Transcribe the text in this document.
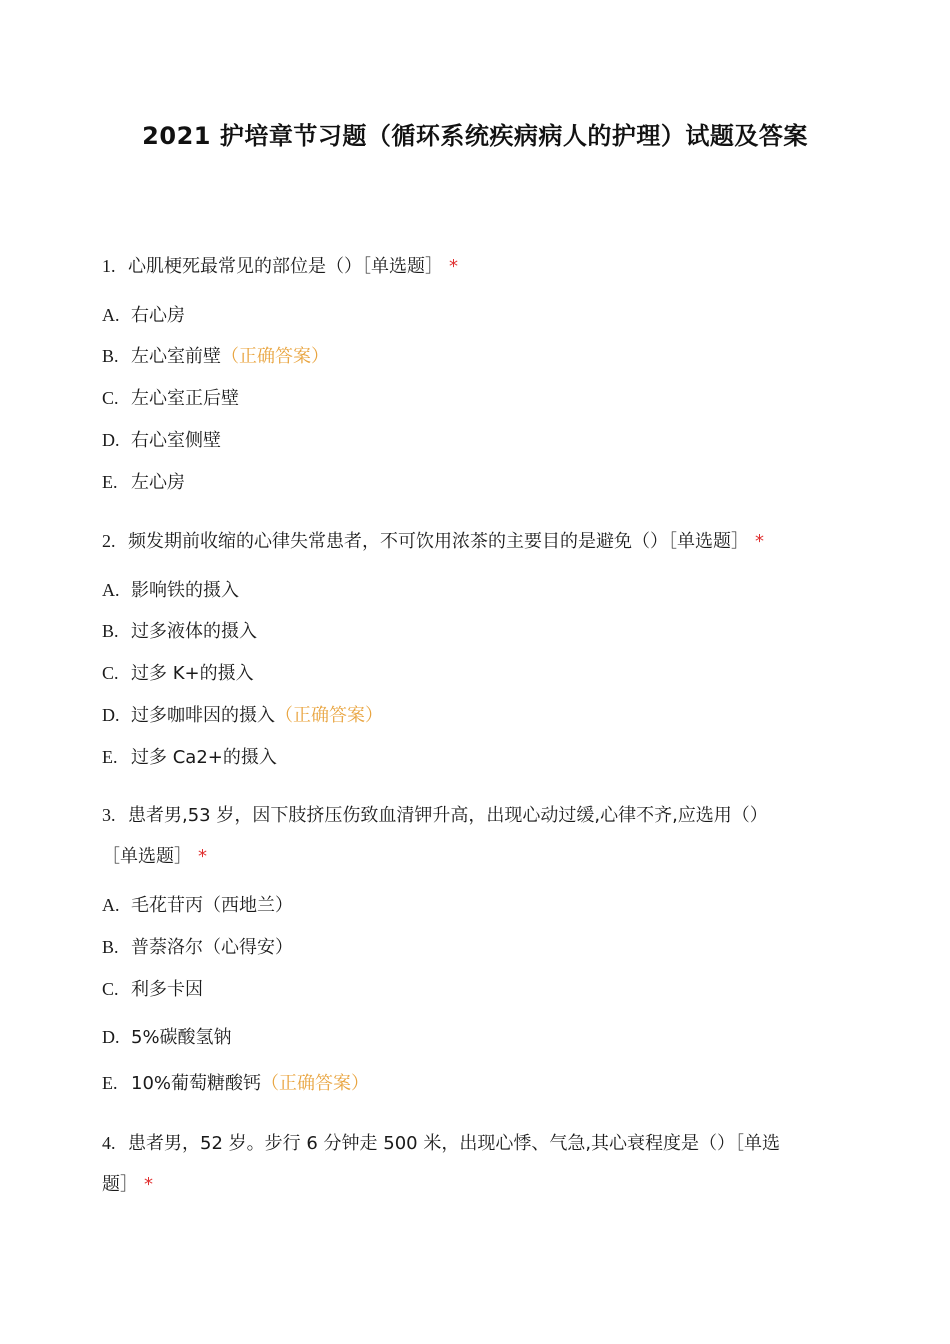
2021 护培章节习题（循环系统疾病病人的护理）试题及答案
1. 心肌梗死最常见的部位是（）［单选题］ *
A. 右心房
B. 左心室前壁（正确答案）
C. 左心室正后壁
D. 右心室侧壁
E. 左心房
2. 频发期前收缩的心律失常患者，不可饮用浓茶的主要目的是避免（）［单选题］ *
A. 影响铁的摄入
B. 过多液体的摄入
C. 过多 K+的摄入
D. 过多咖啡因的摄入（正确答案）
E. 过多 Ca2+的摄入
3. 患者男,53 岁，因下肢挤压伤致血清钾升高，出现心动过缓,心律不齐,应选用（）
［单选题］ *
A. 毛花苷丙（西地兰）
B. 普萘洛尔（心得安）
C. 利多卡因
D. 5%碳酸氢钠
E. 10%葡萄糖酸钙（正确答案）
4. 患者男，52 岁。步行 6 分钟走 500 米，出现心悸、气急,其心衰程度是（）［单选
题］ *
